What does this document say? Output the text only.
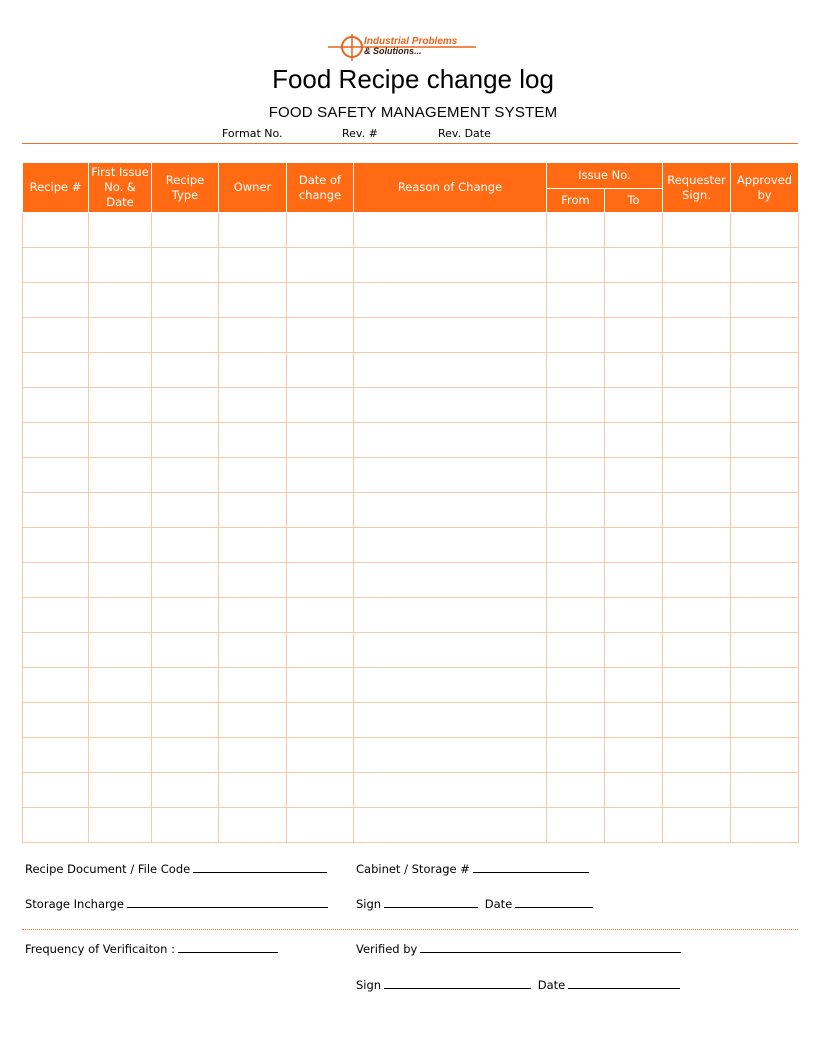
Industrial Problems
& Solutions...
Food Recipe change log
FOOD SAFETY MANAGEMENT SYSTEM
Format No.	Rev. #	Rev. Date
Recipe #	First Issue No. & Date	Recipe Type	Owner	Date of change	Reason of Change	Issue No.		Requester Sign.	Approved by
						From	To		

Recipe Document / File Code	Cabinet / Storage #
Storage Incharge	Sign	Date
Frequency of Verificaiton :	Verified by
Sign	Date
